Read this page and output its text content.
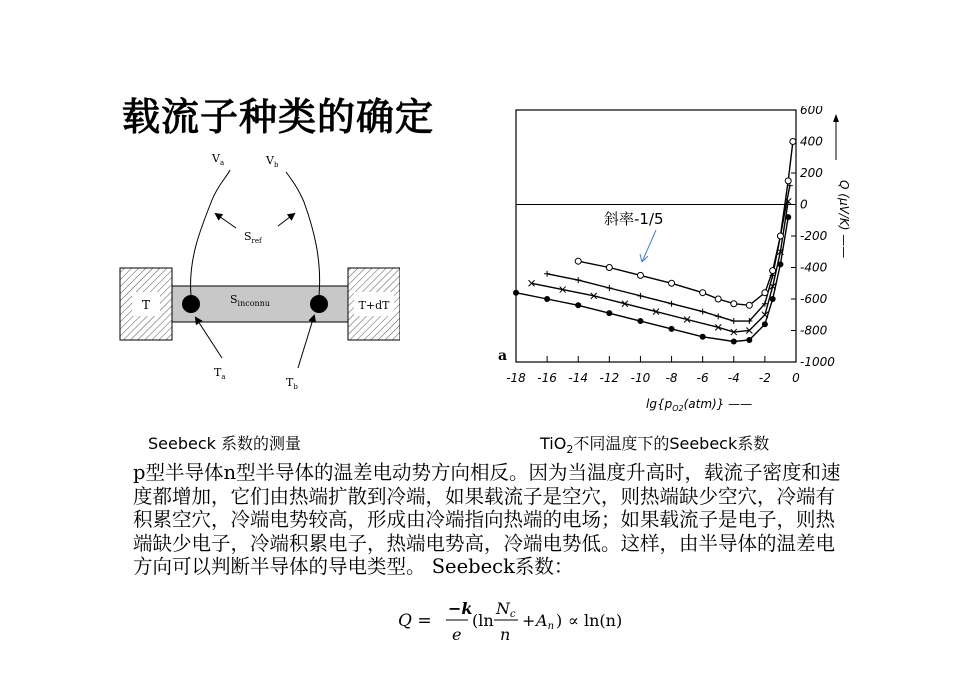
载流子种类的确定
T	T+dT
$S_{inconnu}$
$V_a$	$V_b$
$S_{ref}$
$T_a$	$T_b$
600
400
200
0
-200
-400
-600
-800
-1000
-18 -16 -14 -12 -10 -8 -6 -4 -2 0
斜率-1/5
a
Q (μV/K) ——
$\lg\{p_{O2}(atm)\}$ ——
Seebeck 系数的测量	TiO$_2$不同温度下的Seebeck系数
p型半导体n型半导体的温差电动势方向相反。因为当温度升高时，载流子密度和速度都增加，它们由热端扩散到冷端，如果载流子是空穴，则热端缺少空穴，冷端有积累空穴，冷端电势较高，形成由冷端指向热端的电场；如果载流子是电子，则热端缺少电子，冷端积累电子，热端电势高，冷端电势低。这样，由半导体的温差电方向可以判断半导体的导电类型。 Seebeck系数：
Q =
−k
e
(ln
Nc
n
+ An ) ∝ ln(n)
